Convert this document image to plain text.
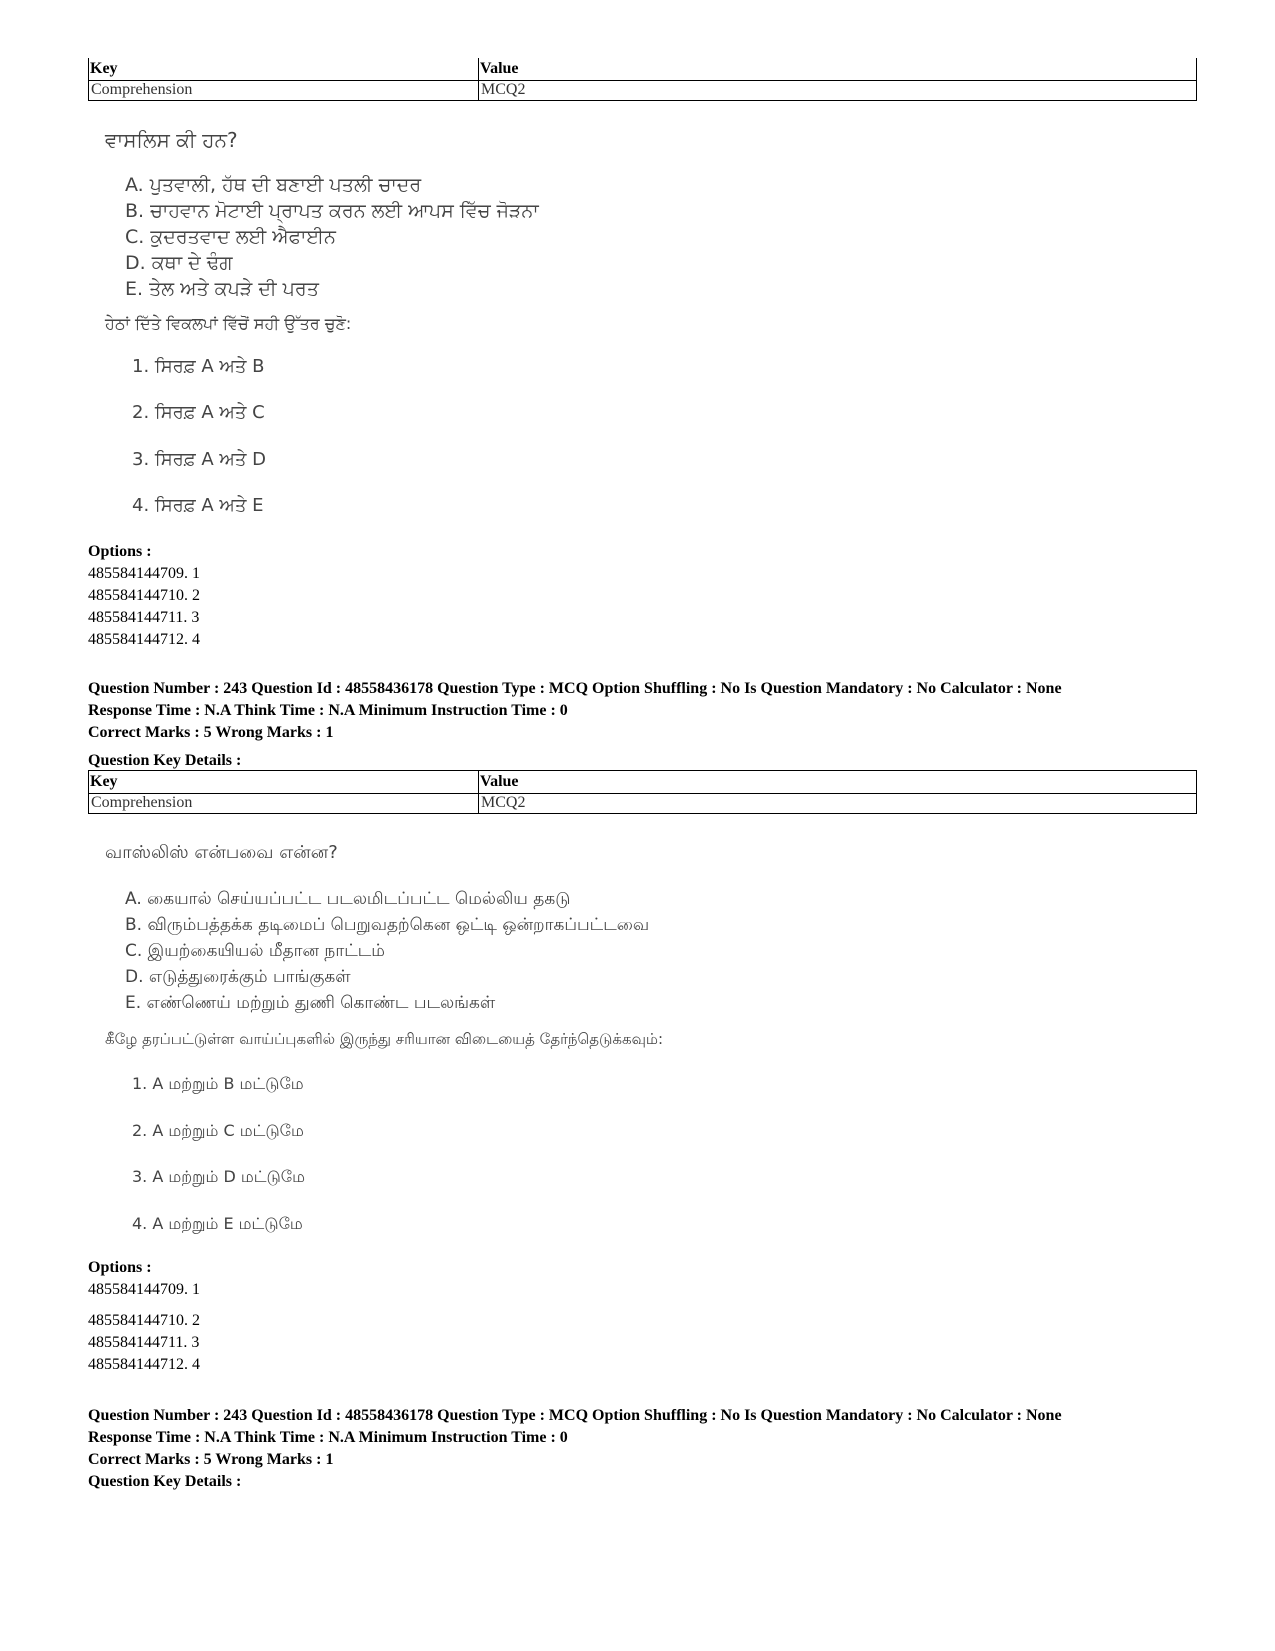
Key	Value
Comprehension	MCQ2

ਵਾਸਲਿਸ ਕੀ ਹਨ?

A. ਪੁਤਵਾਲੀ, ਹੱਥ ਦੀ ਬਣਾਈ ਪਤਲੀ ਚਾਦਰ
B. ਚਾਹਵਾਨ ਮੋਟਾਈ ਪ੍ਰਾਪਤ ਕਰਨ ਲਈ ਆਪਸ ਵਿੱਚ ਜੋੜਨਾ
C. ਕੁਦਰਤਵਾਦ ਲਈ ਐਫਾਈਨ
D. ਕਥਾ ਦੇ ਢੰਗ
E. ਤੇਲ ਅਤੇ ਕਪੜੇ ਦੀ ਪਰਤ
ਹੇਠਾਂ ਦਿੱਤੇ ਵਿਕਲਪਾਂ ਵਿੱਚੋਂ ਸਹੀ ਉੱਤਰ ਚੁਣੋ:
1. ਸਿਰਫ਼ A ਅਤੇ B
2. ਸਿਰਫ਼ A ਅਤੇ C
3. ਸਿਰਫ਼ A ਅਤੇ D
4. ਸਿਰਫ਼ A ਅਤੇ E
Options :
485584144709. 1
485584144710. 2
485584144711. 3
485584144712. 4
Question Number : 243 Question Id : 48558436178 Question Type : MCQ Option Shuffling : No Is Question Mandatory : No Calculator : None
Response Time : N.A Think Time : N.A Minimum Instruction Time : 0
Correct Marks : 5 Wrong Marks : 1
Question Key Details :
Key	Value
Comprehension	MCQ2

வாஸ்லிஸ் என்பவை என்ன?

A. கையால் செய்யப்பட்ட படலமிடப்பட்ட மெல்லிய தகடு
B. விரும்பத்தக்க தடிமைப் பெறுவதற்கென ஒட்டி ஒன்றாகப்பட்டவை
C. இயற்கையியல் மீதான நாட்டம்
D. எடுத்துரைக்கும் பாங்குகள்
E. எண்ணெய் மற்றும் துணி கொண்ட படலங்கள்
கீழே தரப்பட்டுள்ள வாய்ப்புகளில் இருந்து சரியான விடையைத் தேர்ந்தெடுக்கவும்:
1. A மற்றும் B மட்டுமே
2. A மற்றும் C மட்டுமே
3. A மற்றும் D மட்டுமே
4. A மற்றும் E மட்டுமே
Options :
485584144709. 1
485584144710. 2
485584144711. 3
485584144712. 4
Question Number : 243 Question Id : 48558436178 Question Type : MCQ Option Shuffling : No Is Question Mandatory : No Calculator : None
Response Time : N.A Think Time : N.A Minimum Instruction Time : 0
Correct Marks : 5 Wrong Marks : 1
Question Key Details :
